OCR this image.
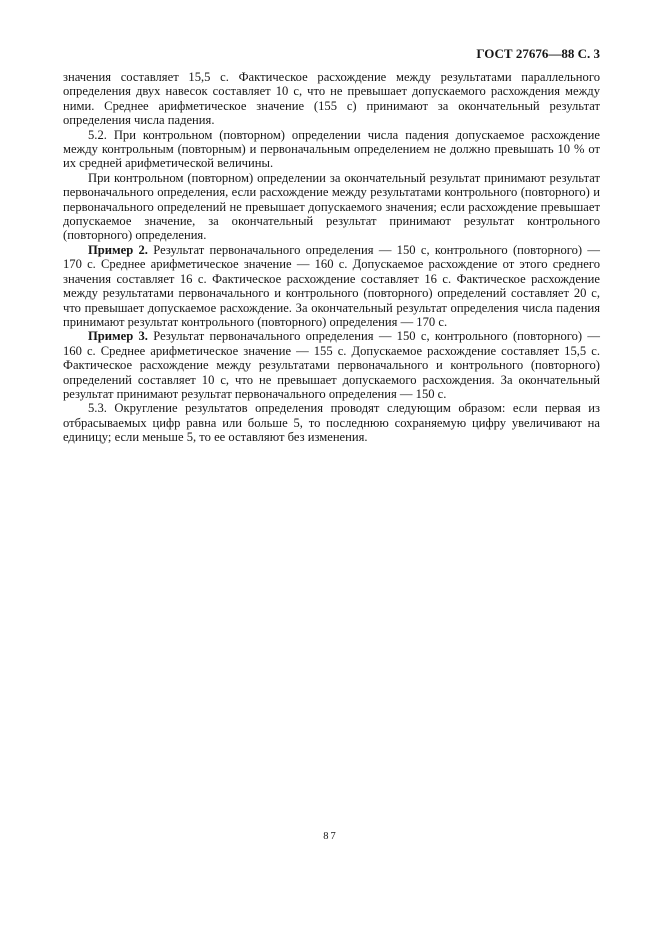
ГОСТ 27676—88 С. 3

значения составляет 15,5 с. Фактическое расхождение между результатами параллельного определения двух навесок составляет 10 с, что не превышает допускаемого расхождения между ними. Среднее арифметическое значение (155 с) принимают за окончательный результат определения числа падения.

5.2. При контрольном (повторном) определении числа падения допускаемое расхождение между контрольным (повторным) и первоначальным определением не должно превышать 10 % от их средней арифметической величины.

При контрольном (повторном) определении за окончательный результат принимают результат первоначального определения, если расхождение между результатами контрольного (повторного) и первоначального определений не превышает допускаемого значения; если расхождение превышает допускаемое значение, за окончательный результат принимают результат контрольного (повторного) определения.

Пример 2. Результат первоначального определения — 150 с, контрольного (повторного) — 170 с. Среднее арифметическое значение — 160 с. Допускаемое расхождение от этого среднего значения составляет 16 с. Фактическое расхождение составляет 16 с. Фактическое расхождение между результатами первоначального и контрольного (повторного) определений составляет 20 с, что превышает допускаемое расхождение. За окончательный результат определения числа падения принимают результат контрольного (повторного) определения — 170 с.

Пример 3. Результат первоначального определения — 150 с, контрольного (повторного) — 160 с. Среднее арифметическое значение — 155 с. Допускаемое расхождение составляет 15,5 с. Фактическое расхождение между результатами первоначального и контрольного (повторного) определений составляет 10 с, что не превышает допускаемого расхождения. За окончательный результат принимают результат первоначального определения — 150 с.

5.3. Округление результатов определения проводят следующим образом: если первая из отбрасываемых цифр равна или больше 5, то последнюю сохраняемую цифру увеличивают на единицу; если меньше 5, то ее оставляют без изменения.

87
